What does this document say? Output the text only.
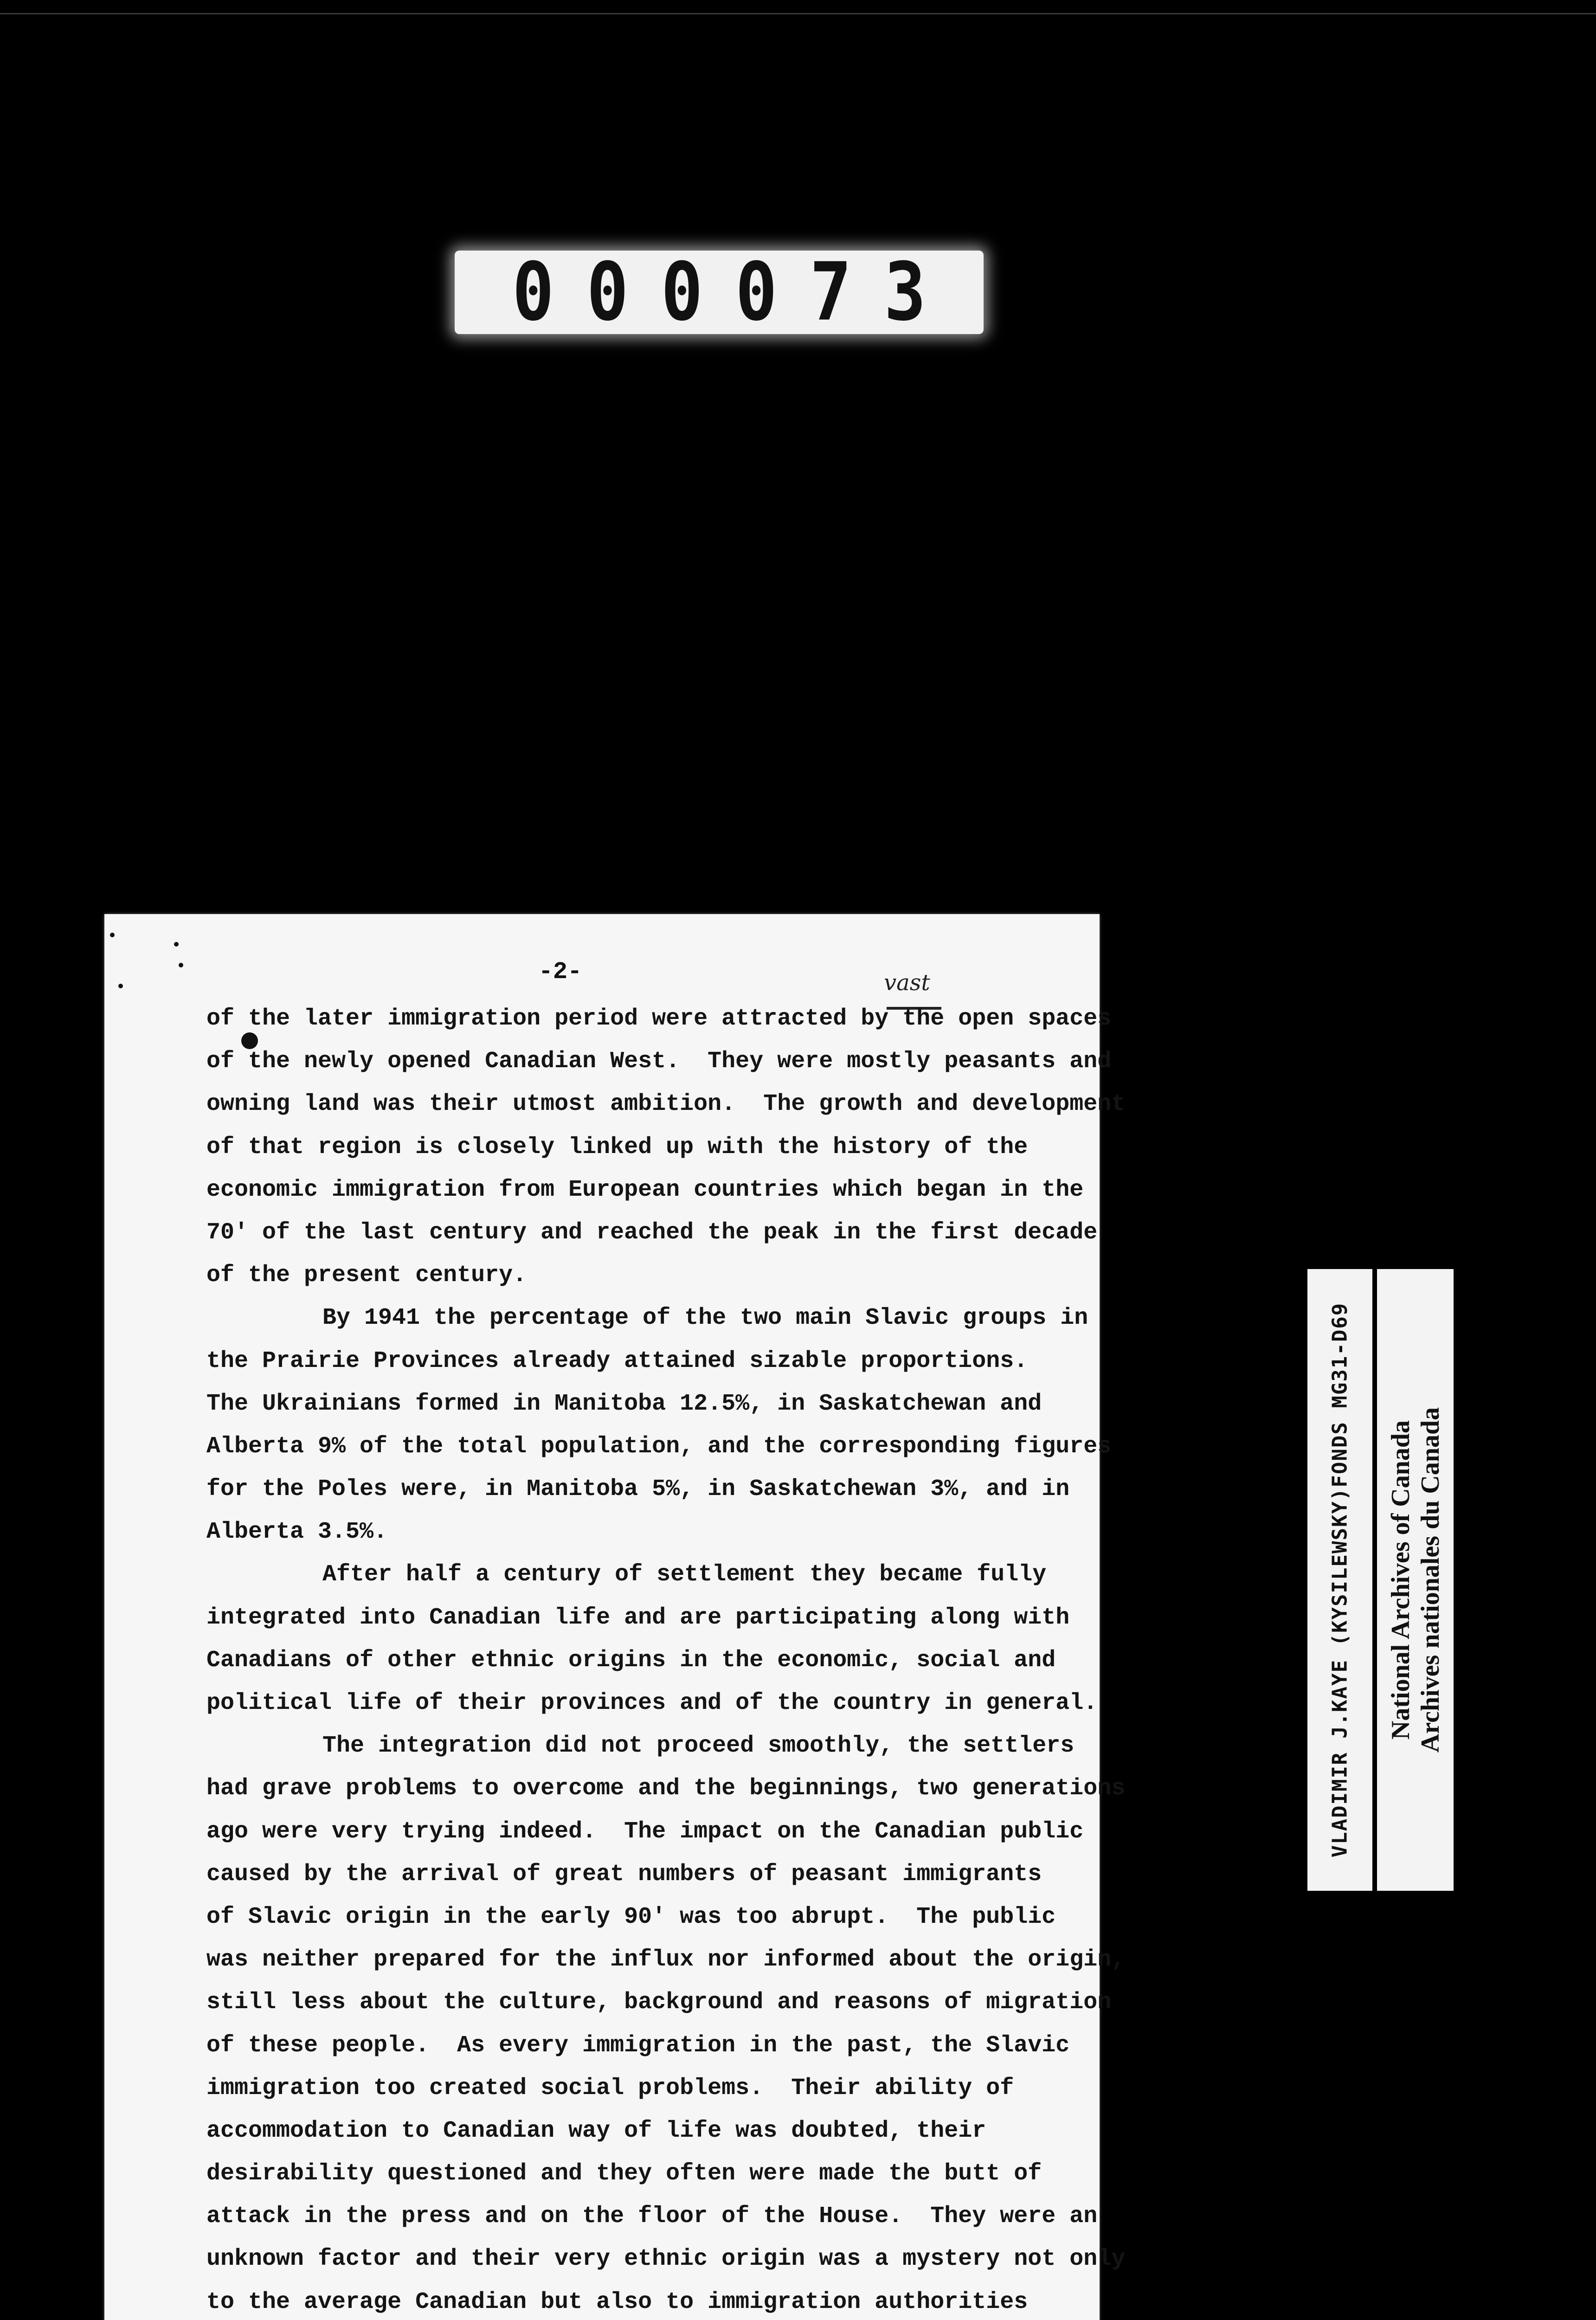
000073
-2-	vast
of the later immigration period were attracted by the open spaces
of the newly opened Canadian West.  They were mostly peasants and
owning land was their utmost ambition.  The growth and development
of that region is closely linked up with the history of the
economic immigration from European countries which began in the
70' of the last century and reached the peak in the first decade
of the present century.
By 1941 the percentage of the two main Slavic groups in
the Prairie Provinces already attained sizable proportions.
The Ukrainians formed in Manitoba 12.5%, in Saskatchewan and
Alberta 9% of the total population, and the corresponding figures
for the Poles were, in Manitoba 5%, in Saskatchewan 3%, and in
Alberta 3.5%.
After half a century of settlement they became fully
integrated into Canadian life and are participating along with
Canadians of other ethnic origins in the economic, social and
political life of their provinces and of the country in general.
The integration did not proceed smoothly, the settlers
had grave problems to overcome and the beginnings, two generations
ago were very trying indeed.  The impact on the Canadian public
caused by the arrival of great numbers of peasant immigrants
of Slavic origin in the early 90' was too abrupt.  The public
was neither prepared for the influx nor informed about the origin,
still less about the culture, background and reasons of migration
of these people.  As every immigration in the past, the Slavic
immigration too created social problems.  Their ability of
accommodation to Canadian way of life was doubted, their
desirability questioned and they often were made the butt of
attack in the press and on the floor of the House.  They were an
unknown factor and their very ethnic origin was a mystery not only
to the average Canadian but also to immigration authorities
VLADIMIR J.KAYE (KYSILEWSKY)FONDS MG31-D69 National Archives of Canada Archives nationales du Canada
